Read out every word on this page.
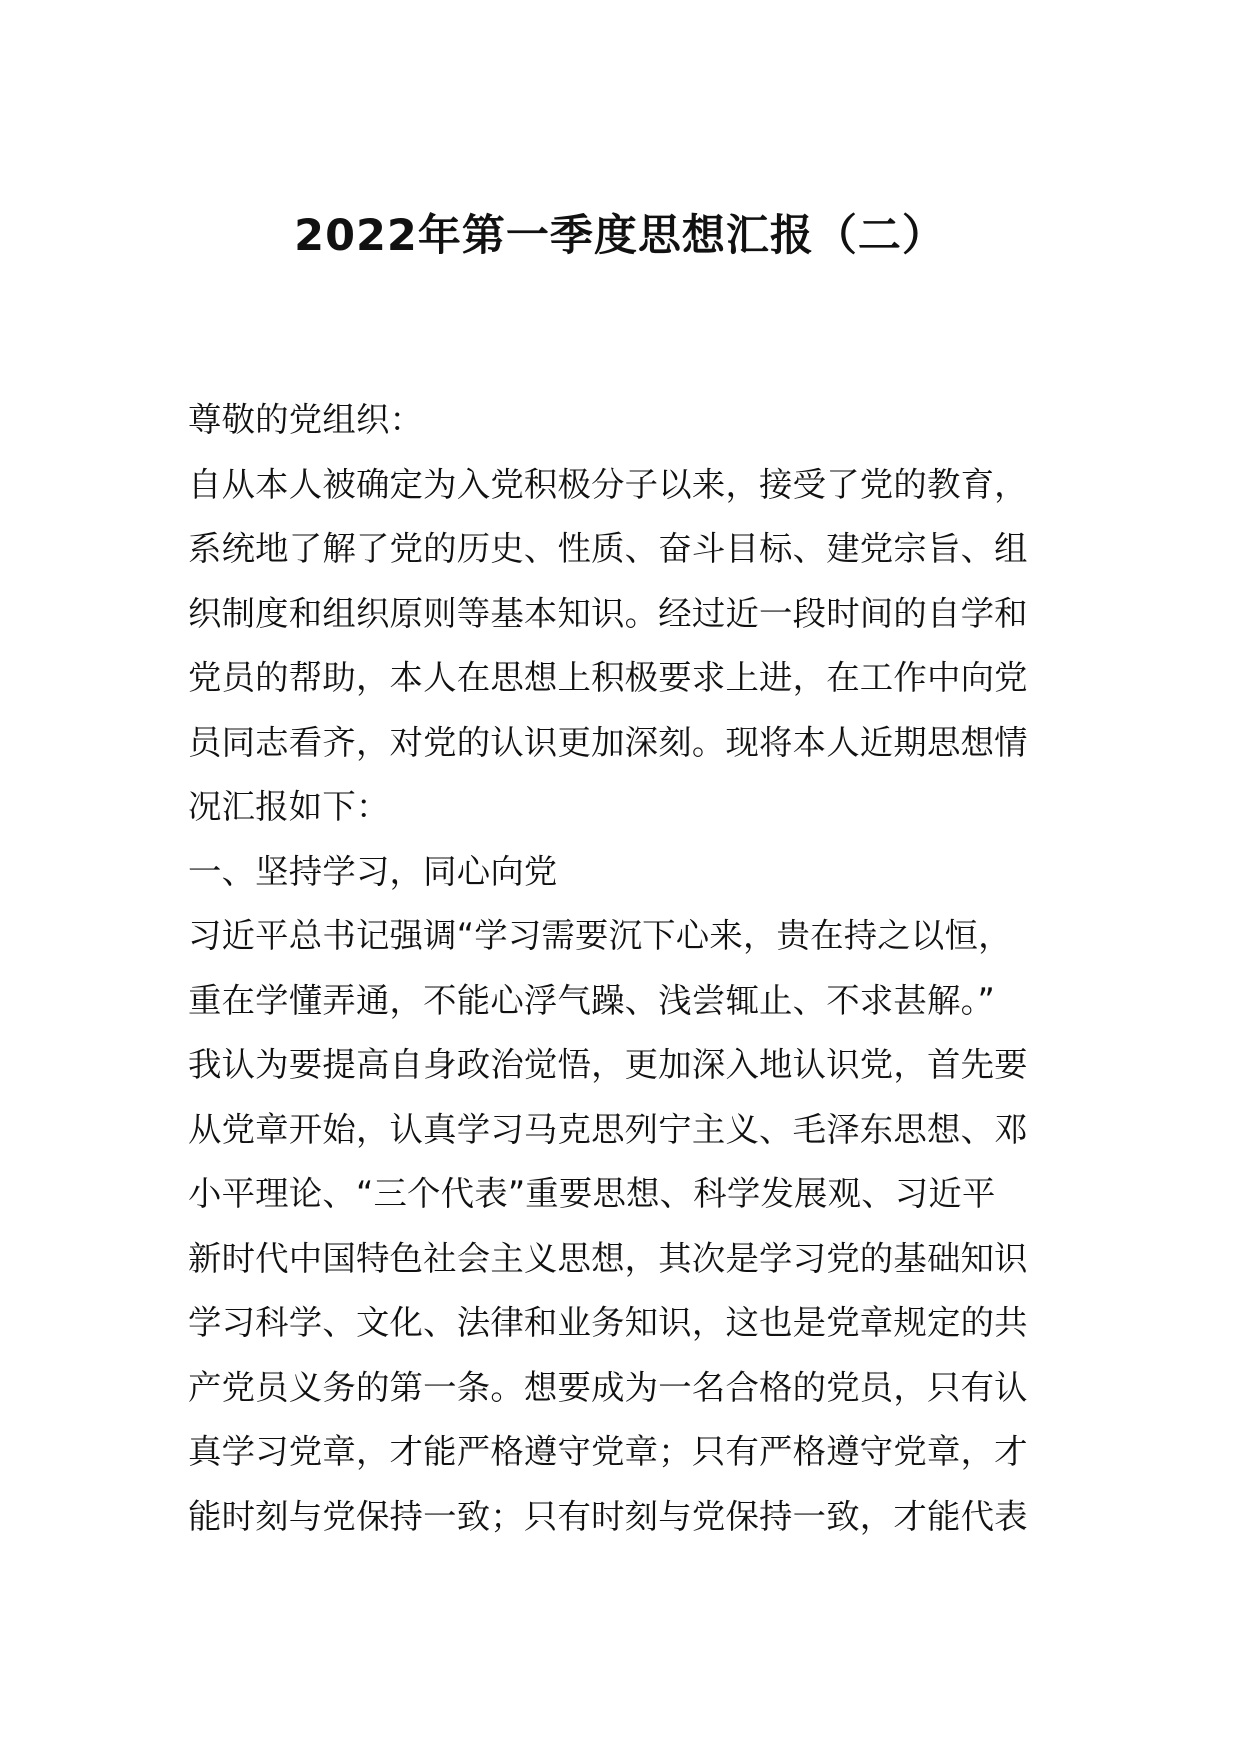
2022年第一季度思想汇报（二）
尊敬的党组织：
自从本人被确定为入党积极分子以来，接受了党的教育，
系统地了解了党的历史、性质、奋斗目标、建党宗旨、组
织制度和组织原则等基本知识。经过近一段时间的自学和
党员的帮助，本人在思想上积极要求上进，在工作中向党
员同志看齐，对党的认识更加深刻。现将本人近期思想情
况汇报如下：
一、坚持学习，同心向党
习近平总书记强调“学习需要沉下心来，贵在持之以恒，
重在学懂弄通，不能心浮气躁、浅尝辄止、不求甚解。”
我认为要提高自身政治觉悟，更加深入地认识党，首先要
从党章开始，认真学习马克思列宁主义、毛泽东思想、邓
小平理论、“三个代表”重要思想、科学发展观、习近平
新时代中国特色社会主义思想，其次是学习党的基础知识
学习科学、文化、法律和业务知识，这也是党章规定的共
产党员义务的第一条。想要成为一名合格的党员，只有认
真学习党章，才能严格遵守党章；只有严格遵守党章，才
能时刻与党保持一致；只有时刻与党保持一致，才能代表
